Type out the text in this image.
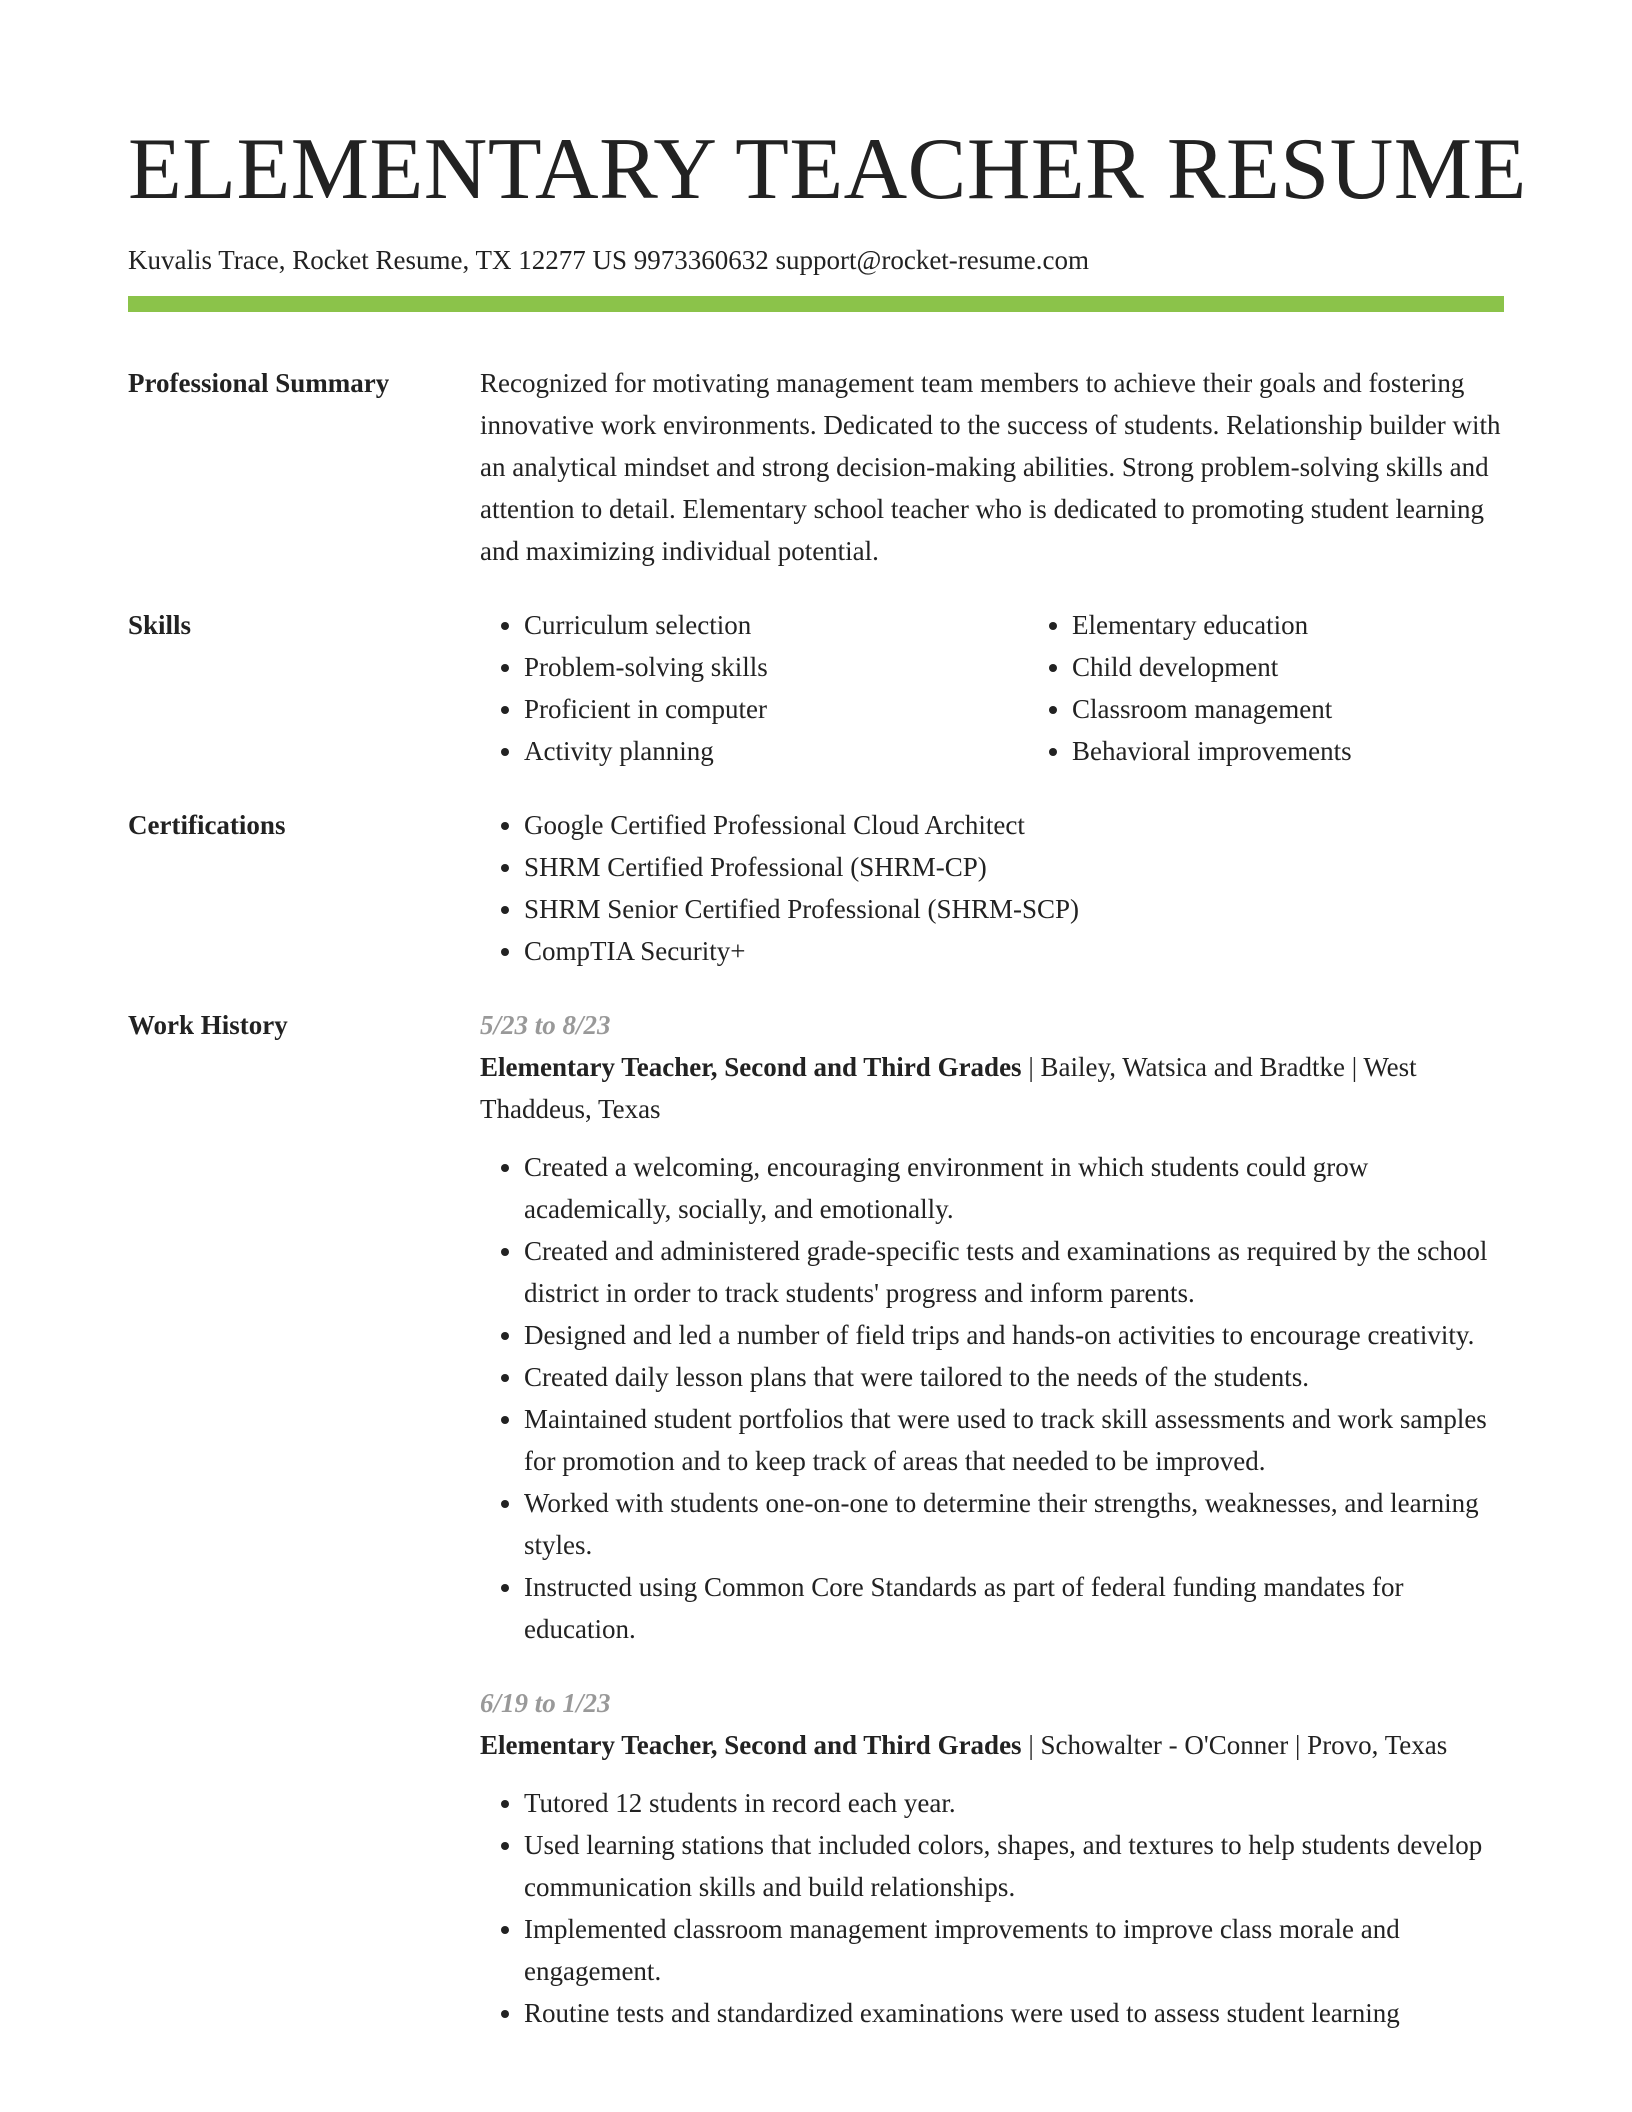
ELEMENTARY TEACHER RESUME
Kuvalis Trace, Rocket Resume, TX 12277 US 9973360632 support@rocket-resume.com
Professional Summary	Recognized for motivating management team members to achieve their goals and fostering innovative work environments. Dedicated to the success of students. Relationship builder with an analytical mindset and strong decision-making abilities. Strong problem-solving skills and attention to detail. Elementary school teacher who is dedicated to promoting student learning and maximizing individual potential.

Skills	• Curriculum selection
• Problem-solving skills
• Proficient in computer
• Activity planning
• Elementary education
• Child development
• Classroom management
• Behavioral improvements
Certifications	• Google Certified Professional Cloud Architect
• SHRM Certified Professional (SHRM-CP)
• SHRM Senior Certified Professional (SHRM-SCP)
• CompTIA Security+
Work History	5/23 to 8/23
Elementary Teacher, Second and Third Grades | Bailey, Watsica and Bradtke | West Thaddeus, Texas
• Created a welcoming, encouraging environment in which students could grow academically, socially, and emotionally.
• Created and administered grade-specific tests and examinations as required by the school district in order to track students' progress and inform parents.
• Designed and led a number of field trips and hands-on activities to encourage creativity.
• Created daily lesson plans that were tailored to the needs of the students.
• Maintained student portfolios that were used to track skill assessments and work samples for promotion and to keep track of areas that needed to be improved.
• Worked with students one-on-one to determine their strengths, weaknesses, and learning styles.
• Instructed using Common Core Standards as part of federal funding mandates for education.
6/19 to 1/23
Elementary Teacher, Second and Third Grades | Schowalter - O'Conner | Provo, Texas
• Tutored 12 students in record each year.
• Used learning stations that included colors, shapes, and textures to help students develop communication skills and build relationships.
• Implemented classroom management improvements to improve class morale and engagement.
• Routine tests and standardized examinations were used to assess student learning
